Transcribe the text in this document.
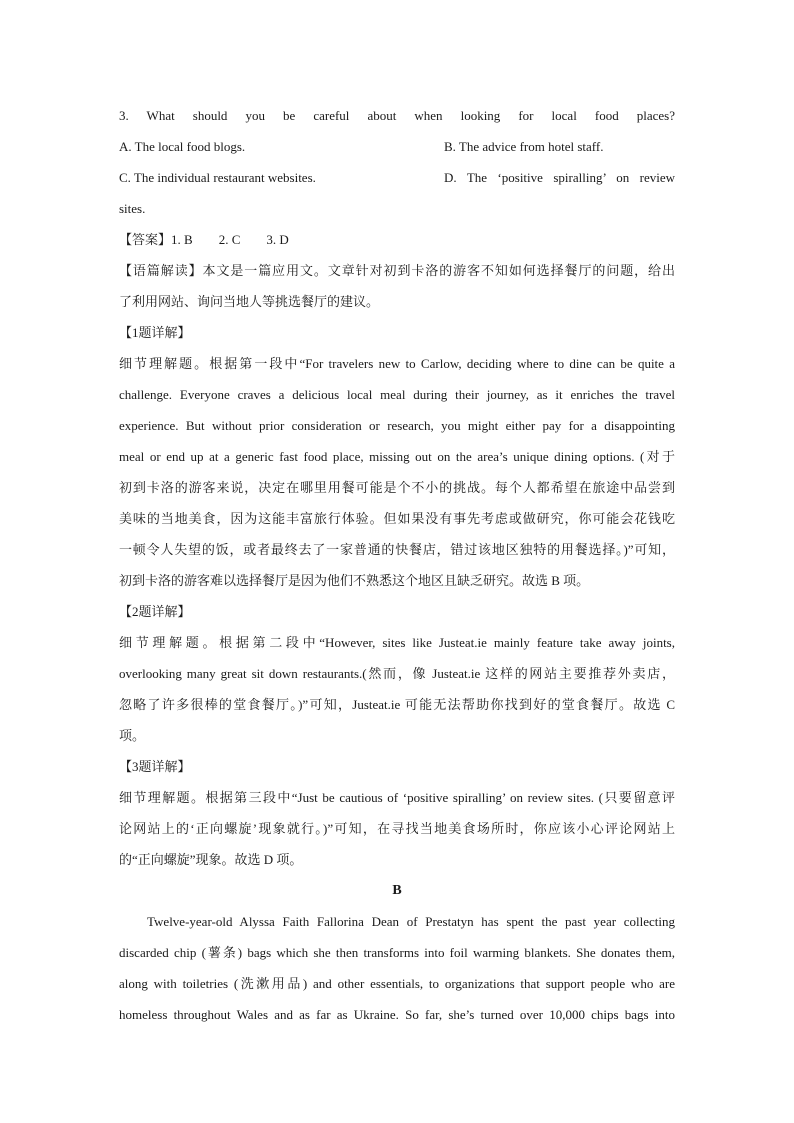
3. What should you be careful about when looking for local food places?

A. The local food blogs.	B. The advice from hotel staff.

C. The individual restaurant websites.	D. The ‘positive spiralling’ on review

sites.

【答案】1. B 2. C 3. D

【语篇解读】本文是一篇应用文。文章针对初到卡洛的游客不知如何选择餐厅的问题，给出

了利用网站、询问当地人等挑选餐厅的建议。

【1题详解】

细节理解题。根据第一段中“For travelers new to Carlow, deciding where to dine can be quite a

challenge. Everyone craves a delicious local meal during their journey, as it enriches the travel

experience. But without prior consideration or research, you might either pay for a disappointing

meal or end up at a generic fast food place, missing out on the area’s unique dining options. (对于

初到卡洛的游客来说，决定在哪里用餐可能是个不小的挑战。每个人都希望在旅途中品尝到

美味的当地美食，因为这能丰富旅行体验。但如果没有事先考虑或做研究，你可能会花钱吃

一顿令人失望的饭，或者最终去了一家普通的快餐店，错过该地区独特的用餐选择。)”可知，

初到卡洛的游客难以选择餐厅是因为他们不熟悉这个地区且缺乏研究。故选 B 项。

【2题详解】

细节理解题。根据第二段中“However, sites like Justeat.ie mainly feature take away joints,

overlooking many great sit down restaurants.(然而，像 Justeat.ie 这样的网站主要推荐外卖店，

忽略了许多很棒的堂食餐厅。)”可知，Justeat.ie 可能无法帮助你找到好的堂食餐厅。故选 C

项。

【3题详解】

细节理解题。根据第三段中“Just be cautious of ‘positive spiralling’ on review sites. (只要留意评

论网站上的‘正向螺旋’现象就行。)”可知，在寻找当地美食场所时，你应该小心评论网站上

的“正向螺旋”现象。故选 D 项。

B

Twelve-year-old Alyssa Faith Fallorina Dean of Prestatyn has spent the past year collecting

discarded chip (薯条) bags which she then transforms into foil warming blankets. She donates them,

along with toiletries (洗漱用品) and other essentials, to organizations that support people who are

homeless throughout Wales and as far as Ukraine. So far, she’s turned over 10,000 chips bags into
